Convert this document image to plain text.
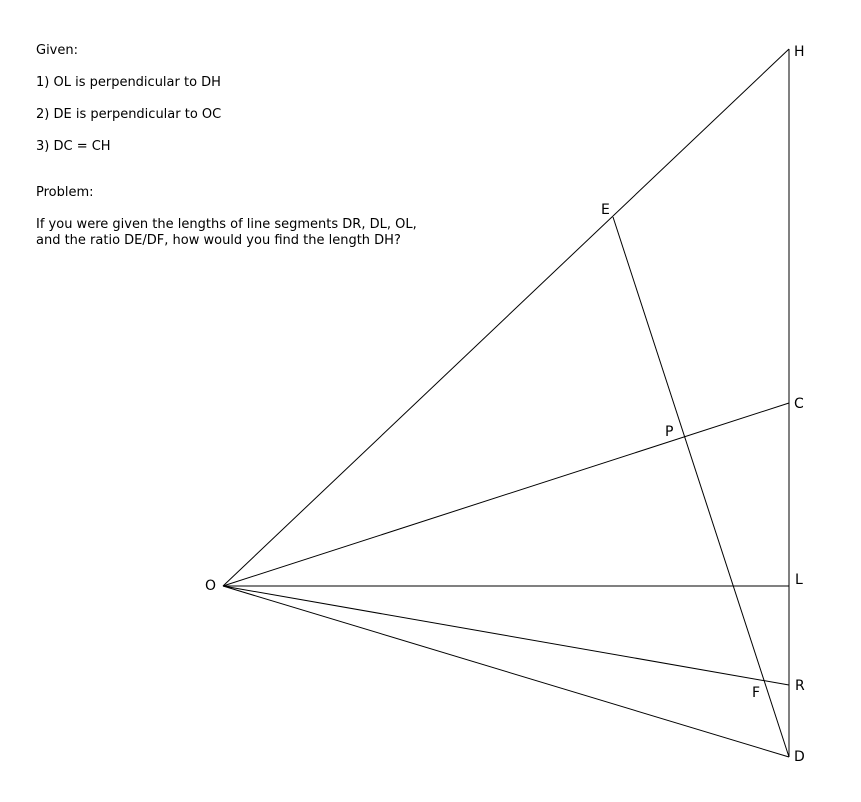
Given:

1) OL is perpendicular to DH

2) DE is perpendicular to OC

3) DC = CH

Problem:

If you were given the lengths of line segments DR, DL, OL,
and the ratio DE/DF, how would you find the length DH?

H
E
C
P
O	L
R
F
D
